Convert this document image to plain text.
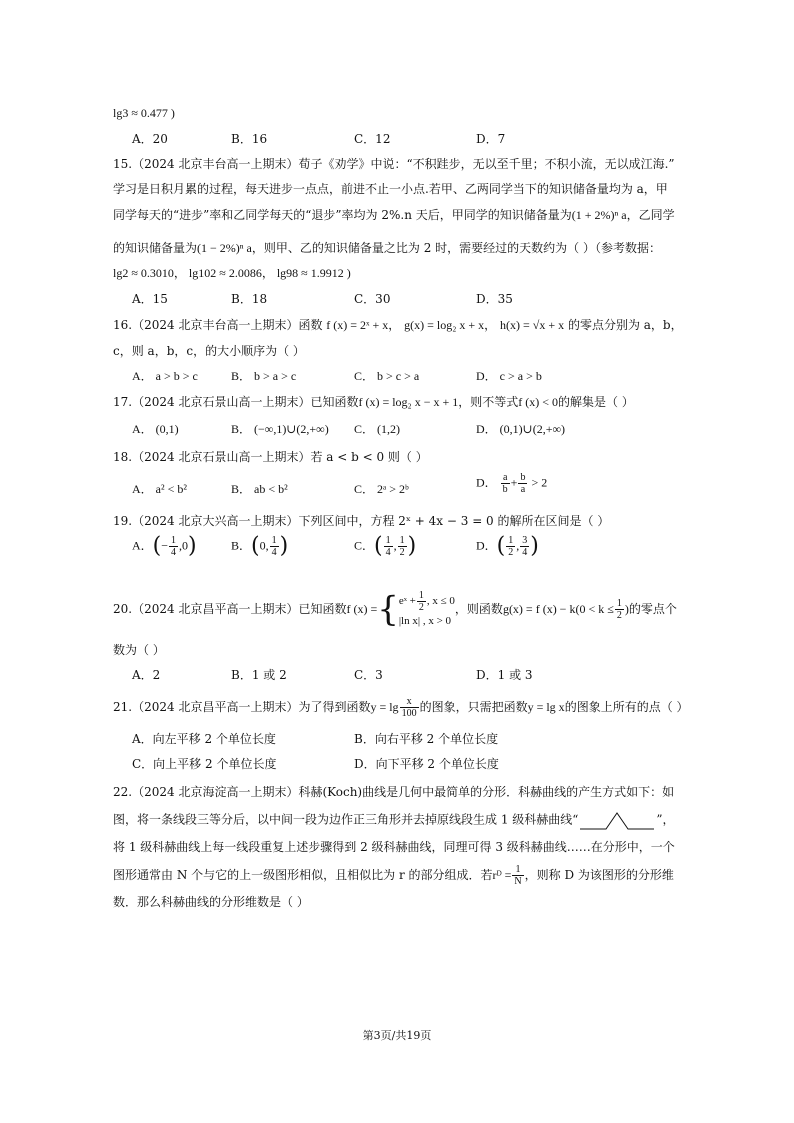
lg3 ≈ 0.477 )
A．20	B．16	C．12	D．7
15.（2024 北京丰台高一上期末）荀子《劝学》中说：“不积跬步，无以至千里；不积小流，无以成江海.”
学习是日积月累的过程，每天进步一点点，前进不止一小点.若甲、乙两同学当下的知识储备量均为 a，甲
同学每天的“进步”率和乙同学每天的“退步”率均为 2%.n 天后，甲同学的知识储备量为(1 + 2%)ⁿ a，乙同学
的知识储备量为(1 − 2%)ⁿ a，则甲、乙的知识储备量之比为 2 时，需要经过的天数约为（ ）（参考数据：
lg2 ≈ 0.3010， lg102 ≈ 2.0086， lg98 ≈ 1.9912 )
A．15	B．18	C．30	D．35
16.（2024 北京丰台高一上期末）函数 f (x) = 2ˣ + x， g(x) = log₂ x + x， h(x) = √x + x 的零点分别为 a，b，
c，则 a，b，c，的大小顺序为（ ）
A． a > b > c	B． b > a > c	C． b > c > a	D． c > a > b
17.（2024 北京石景山高一上期末）已知函数f (x) = log₂ x − x + 1，则不等式f (x) < 0的解集是（ ）
A． (0,1)	B． (−∞,1)∪(2,+∞) C． (1,2)	D． (0,1)∪(2,+∞)
18.（2024 北京石景山高一上期末）若 a < b < 0 则（ ）
A． a² < b²	B． ab < b²	C． 2ᵃ > 2ᵇ	D． $\frac{a}{b} + \frac{b}{a} > 2$
19.（2024 北京大兴高一上期末）下列区间中，方程 2ˣ + 4x − 3 = 0 的解所在区间是（ ）
A．(− $\frac{1}{4} ,0$)	B．(0, $\frac{1}{4}$ )	C．( $\frac{1}{4}$ , $\frac{1}{2}$ )	D．( $\frac{1}{2}$ , $\frac{3}{4}$ )
20.（2024 北京昌平高一上期末）已知函数f (x) ={ eˣ + $\frac{1}{2}$ , x ≤ 0
|ln x| , x > 0
，则函数g(x) = f $(x) - k(0 < k \le \frac{1}{2}$ )的零点个
数为（ ）
A．2	B．1 或 2	C．3	D．1 或 3
21.（2024 北京昌平高一上期末）为了得到函数$y = \lg \frac{x}{100}$ 的图象，只需把函数y = lg x的图象上所有的点（ ）
A．向左平移 2 个单位长度	B．向右平移 2 个单位长度
C．向上平移 2 个单位长度	D．向下平移 2 个单位长度
22.（2024 北京海淀高一上期末）科赫(Koch)曲线是几何中最简单的分形．科赫曲线的产生方式如下：如
图，将一条线段三等分后，以中间一段为边作正三角形并去掉原线段生成 1 级科赫曲线“	”，
将 1 级科赫曲线上每一线段重复上述步骤得到 2 级科赫曲线，同理可得 3 级科赫曲线……在分形中，一个
图形通常由 N 个与它的上一级图形相似，且相似比为 r 的部分组成．若rᴰ = $\frac{1}{N}$ ，则称 D 为该图形的分形维
数．那么科赫曲线的分形维数是（ ）
第3页/共19页
